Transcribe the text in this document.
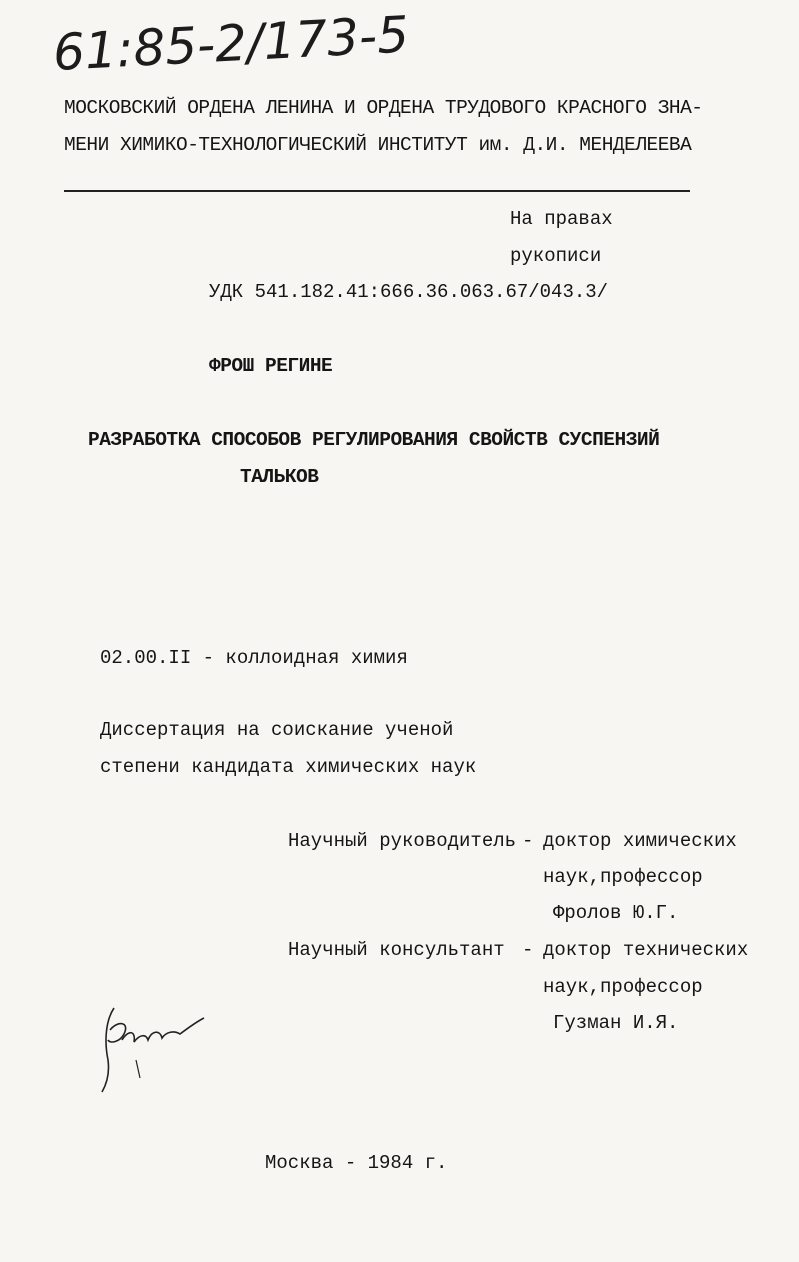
61:85-2/173-5
МОСКОВСКИЙ ОРДЕНА ЛЕНИНА И ОРДЕНА ТРУДОВОГО КРАСНОГО ЗНА-
МЕНИ ХИМИКО-ТЕХНОЛОГИЧЕСКИЙ ИНСТИТУТ им. Д.И. МЕНДЕЛЕЕВА
На правах
рукописи
УДК 541.182.41:666.36.063.67/043.3/
ФРОШ РЕГИНЕ
РАЗРАБОТКА СПОСОБОВ РЕГУЛИРОВАНИЯ СВОЙСТВ СУСПЕНЗИЙ
ТАЛЬКОВ
02.00.II - коллоидная химия
Диссертация на соискание ученой
степени кандидата химических наук
Научный руководитель - доктор химических
наук,профессор
Фролов Ю.Г.
Научный консультант - доктор технических
наук,профессор
Гузман И.Я.
Москва - 1984 г.
